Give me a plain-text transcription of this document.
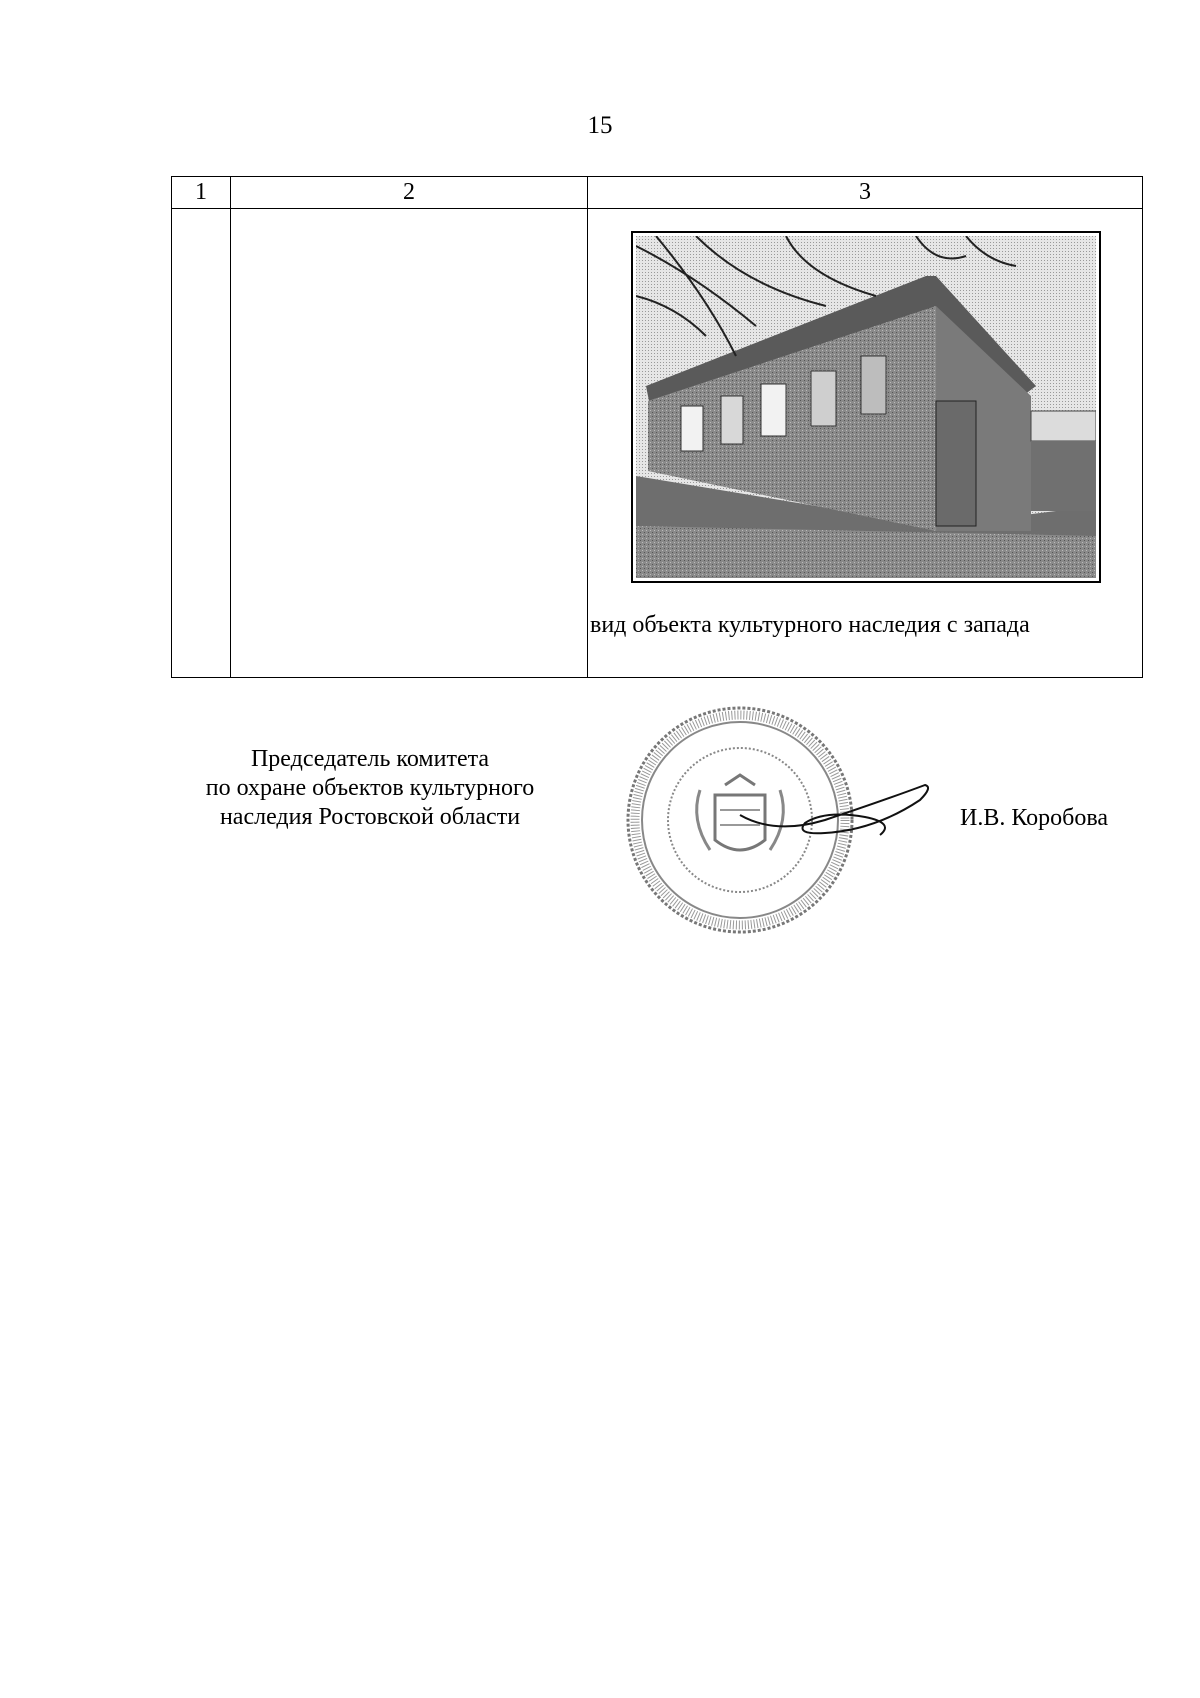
15
1	2	3

		вид объекта культурного наследия с запада
Председатель комитета
по охране объектов культурного
наследия Ростовской области	И.В. Коробова
